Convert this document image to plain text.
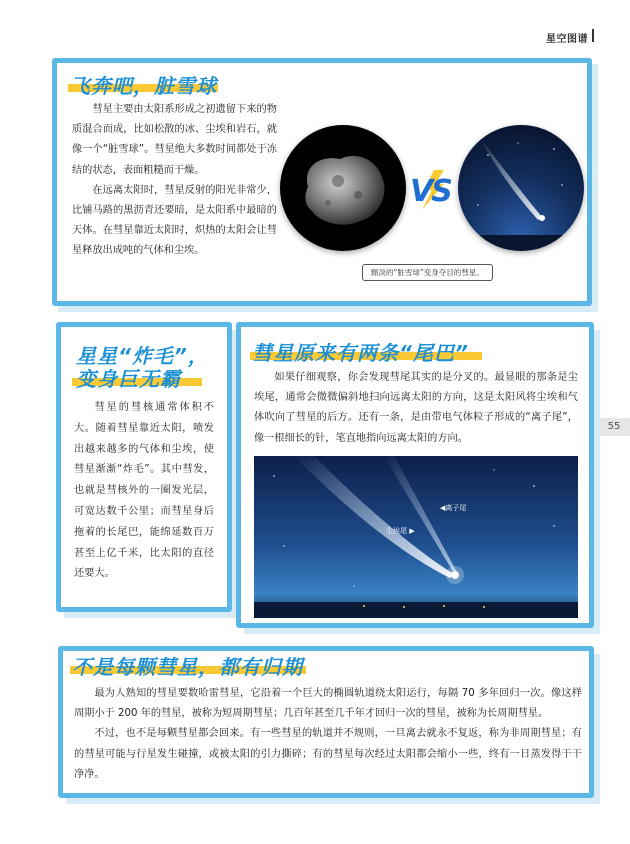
星空图谱
55
飞奔吧，脏雪球

彗星主要由太阳系形成之初遗留下来的物质混合而成，比如松散的冰、尘埃和岩石，就像一个“脏雪球”。彗星绝大多数时间都处于冻结的状态，表面粗糙而干燥。

在远离太阳时，彗星反射的阳光非常少，比铺马路的黑沥青还要暗，是太阳系中最暗的天体。在彗星靠近太阳时，炽热的太阳会让彗星释放出成吨的气体和尘埃。

VS
黯淡的“脏雪球”变身夺目的彗星。
星星“炸毛”，
变身巨无霸

彗星的彗核通常体积不大。随着彗星靠近太阳，喷发出越来越多的气体和尘埃，使彗星渐渐“炸毛”。其中彗发，也就是彗核外的一圈发光层，可宽达数千公里；而彗星身后拖着的长尾巴，能绵延数百万甚至上亿千米，比太阳的直径还要大。

彗星原来有两条“尾巴”

如果仔细观察，你会发现彗尾其实的是分叉的。最显眼的那条是尘埃尾，通常会微微偏斜地扫向远离太阳的方向，这是太阳风将尘埃和气体吹向了彗星的后方。还有一条，是由带电气体粒子形成的“离子尾”，像一根细长的针，笔直地指向远离太阳的方向。

◀离子尾
尘埃尾 ▶
不是每颗彗星，都有归期

最为人熟知的彗星要数哈雷彗星，它沿着一个巨大的椭圆轨道绕太阳运行，每隔 70 多年回归一次。像这样周期小于 200 年的彗星，被称为短周期彗星；几百年甚至几千年才回归一次的彗星，被称为长周期彗星。

不过，也不是每颗彗星都会回来。有一些彗星的轨道并不规则，一旦离去就永不复返，称为非周期彗星；有的彗星可能与行星发生碰撞，或被太阳的引力撕碎；有的彗星每次经过太阳都会缩小一些，终有一日蒸发得干干净净。
